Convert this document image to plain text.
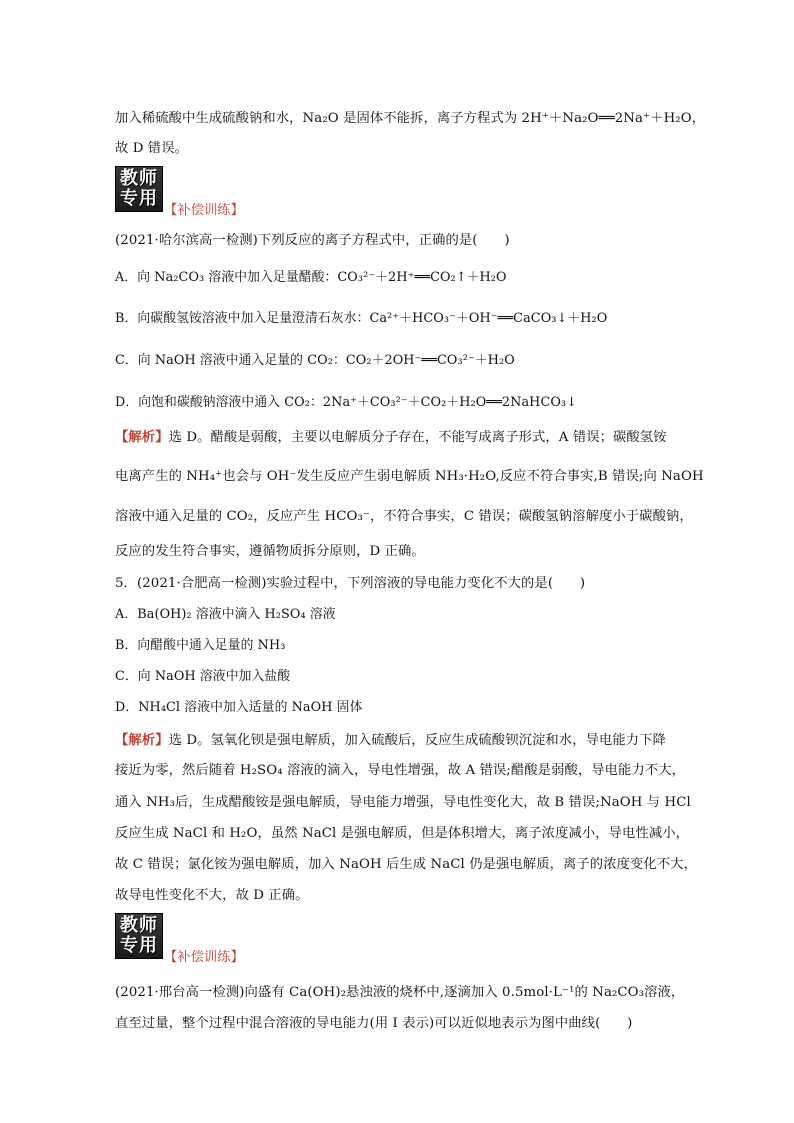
加入稀硫酸中生成硫酸钠和水，Na₂O 是固体不能拆，离子方程式为 2H⁺＋Na₂O══2Na⁺＋H₂O，
故 D 错误。
教师
专用
【补偿训练】
(2021·哈尔滨高一检测)下列反应的离子方程式中，正确的是(　　)
A．向 Na₂CO₃ 溶液中加入足量醋酸：CO₃²⁻＋2H⁺══CO₂↑＋H₂O
B．向碳酸氢铵溶液中加入足量澄清石灰水：Ca²⁺＋HCO₃⁻＋OH⁻══CaCO₃↓＋H₂O
C．向 NaOH 溶液中通入足量的 CO₂：CO₂＋2OH⁻══CO₃²⁻＋H₂O
D．向饱和碳酸钠溶液中通入 CO₂：2Na⁺＋CO₃²⁻＋CO₂＋H₂O══2NaHCO₃↓
【解析】选 D。醋酸是弱酸，主要以电解质分子存在，不能写成离子形式，A 错误；碳酸氢铵
电离产生的 NH₄⁺也会与 OH⁻发生反应产生弱电解质 NH₃·H₂O,反应不符合事实,B 错误;向 NaOH
溶液中通入足量的 CO₂，反应产生 HCO₃⁻，不符合事实，C 错误；碳酸氢钠溶解度小于碳酸钠，
反应的发生符合事实，遵循物质拆分原则，D 正确。
5．(2021·合肥高一检测)实验过程中，下列溶液的导电能力变化不大的是(　　)
A．Ba(OH)₂ 溶液中滴入 H₂SO₄ 溶液
B．向醋酸中通入足量的 NH₃
C．向 NaOH 溶液中加入盐酸
D．NH₄Cl 溶液中加入适量的 NaOH 固体
【解析】选 D。氢氧化钡是强电解质，加入硫酸后，反应生成硫酸钡沉淀和水，导电能力下降
接近为零，然后随着 H₂SO₄ 溶液的滴入，导电性增强，故 A 错误;醋酸是弱酸，导电能力不大，
通入 NH₃后，生成醋酸铵是强电解质，导电能力增强，导电性变化大，故 B 错误;NaOH 与 HCl
反应生成 NaCl 和 H₂O，虽然 NaCl 是强电解质，但是体积增大，离子浓度减小，导电性减小，
故 C 错误；氯化铵为强电解质，加入 NaOH 后生成 NaCl 仍是强电解质，离子的浓度变化不大，
故导电性变化不大，故 D 正确。
教师
专用
【补偿训练】
(2021·邢台高一检测)向盛有 Ca(OH)₂悬浊液的烧杯中,逐滴加入 0.5mol·L⁻¹的 Na₂CO₃溶液，
直至过量，整个过程中混合溶液的导电能力(用 I 表示)可以近似地表示为图中曲线(　　)
